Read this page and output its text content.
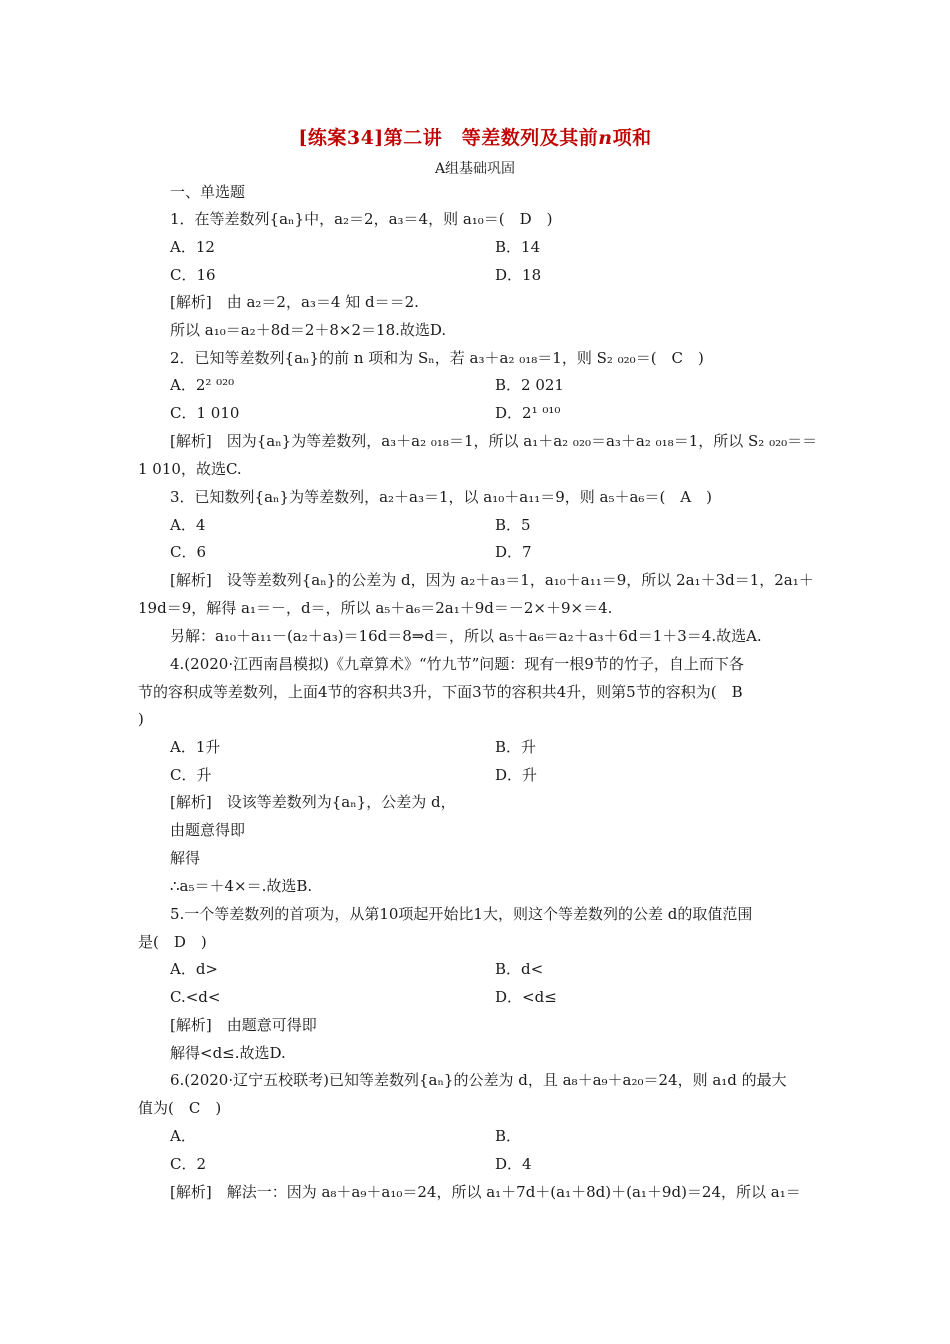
[练案34]第二讲　等差数列及其前n项和
A组基础巩固
一、单选题
1．在等差数列{aₙ}中，a₂＝2，a₃＝4，则 a₁₀＝(　D　)
A．12	B．14
C．16	D．18
[解析]　由 a₂＝2，a₃＝4 知 d＝＝2.
所以 a₁₀＝a₂＋8d＝2＋8×2＝18.故选D.
2．已知等差数列{aₙ}的前 n 项和为 Sₙ，若 a₃＋a₂ ₀₁₈＝1，则 S₂ ₀₂₀＝(　C　)
A．2² ⁰²⁰	B．2 021
C．1 010	D．2¹ ⁰¹⁰
[解析]　因为{aₙ}为等差数列，a₃＋a₂ ₀₁₈＝1，所以 a₁＋a₂ ₀₂₀＝a₃＋a₂ ₀₁₈＝1，所以 S₂ ₀₂₀＝＝
1 010，故选C.
3．已知数列{aₙ}为等差数列，a₂＋a₃＝1，以 a₁₀＋a₁₁＝9，则 a₅＋a₆＝(　A　)
A．4	B．5
C．6	D．7
[解析]　设等差数列{aₙ}的公差为 d，因为 a₂＋a₃＝1，a₁₀＋a₁₁＝9，所以 2a₁＋3d＝1，2a₁＋
19d＝9，解得 a₁＝－，d＝，所以 a₅＋a₆＝2a₁＋9d＝－2×＋9×＝4.
另解：a₁₀＋a₁₁－(a₂＋a₃)＝16d＝8⇒d＝，所以 a₅＋a₆＝a₂＋a₃＋6d＝1＋3＝4.故选A.
4.(2020·江西南昌模拟)《九章算术》“竹九节”问题：现有一根9节的竹子，自上而下各
节的容积成等差数列，上面4节的容积共3升，下面3节的容积共4升，则第5节的容积为(　B
)
A．1升	B．升
C．升	D．升
[解析]　设该等差数列为{aₙ}，公差为 d，
由题意得即
解得
∴a₅＝＋4×＝.故选B.
5.一个等差数列的首项为，从第10项起开始比1大，则这个等差数列的公差 d的取值范围
是(　D　)
A．d>	B．d<
C.<d<	D．<d≤
[解析]　由题意可得即
解得<d≤.故选D.
6.(2020·辽宁五校联考)已知等差数列{aₙ}的公差为 d，且 a₈＋a₉＋a₂₀＝24，则 a₁d 的最大
值为(　C　)
A．	B．
C．2	D．4
[解析]　解法一：因为 a₈＋a₉＋a₁₀＝24，所以 a₁＋7d＋(a₁＋8d)＋(a₁＋9d)＝24，所以 a₁＝
